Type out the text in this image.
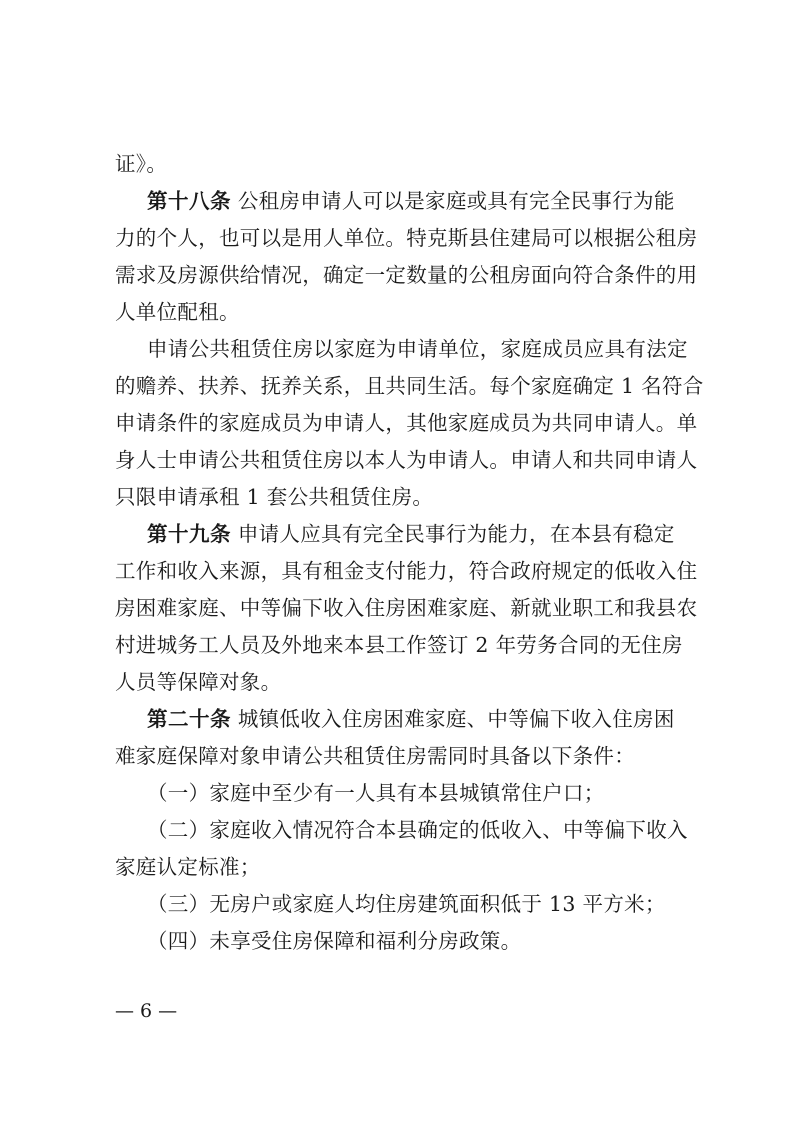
证》。
第十八条 公租房申请人可以是家庭或具有完全民事行为能
力的个人，也可以是用人单位。特克斯县住建局可以根据公租房
需求及房源供给情况，确定一定数量的公租房面向符合条件的用
人单位配租。
申请公共租赁住房以家庭为申请单位，家庭成员应具有法定
的赡养、扶养、抚养关系，且共同生活。每个家庭确定 1 名符合
申请条件的家庭成员为申请人，其他家庭成员为共同申请人。单
身人士申请公共租赁住房以本人为申请人。申请人和共同申请人
只限申请承租 1 套公共租赁住房。
第十九条 申请人应具有完全民事行为能力，在本县有稳定
工作和收入来源，具有租金支付能力，符合政府规定的低收入住
房困难家庭、中等偏下收入住房困难家庭、新就业职工和我县农
村进城务工人员及外地来本县工作签订 2 年劳务合同的无住房
人员等保障对象。
第二十条 城镇低收入住房困难家庭、中等偏下收入住房困
难家庭保障对象申请公共租赁住房需同时具备以下条件：
（一）家庭中至少有一人具有本县城镇常住户口；
（二）家庭收入情况符合本县确定的低收入、中等偏下收入
家庭认定标准；
（三）无房户或家庭人均住房建筑面积低于 13 平方米；
（四）未享受住房保障和福利分房政策。
— 6 —
